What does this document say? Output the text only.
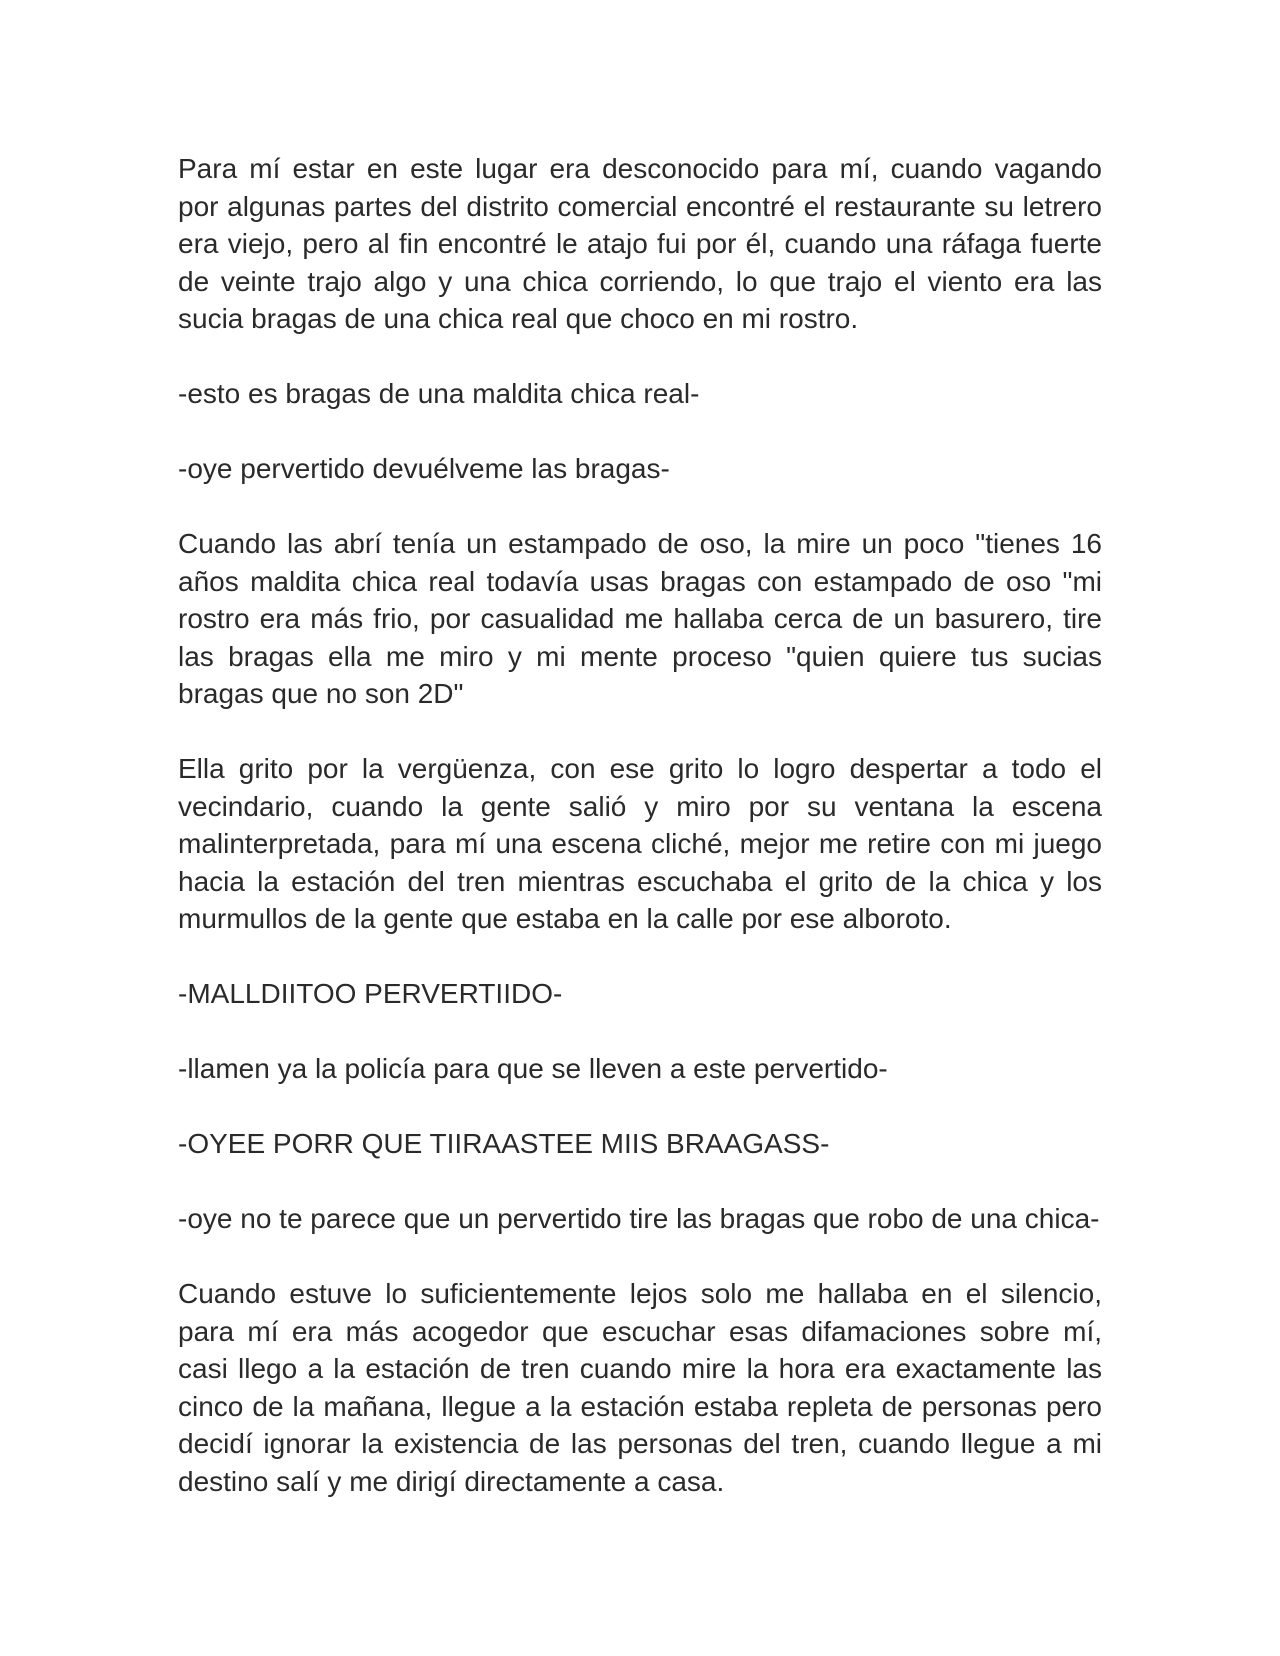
Para mí estar en este lugar era desconocido para mí, cuando vagando por algunas partes del distrito comercial encontré el restaurante su letrero era viejo, pero al fin encontré le atajo fui por él, cuando una ráfaga fuerte de veinte trajo algo y una chica corriendo, lo que trajo el viento era las sucia bragas de una chica real que choco en mi rostro.

-esto es bragas de una maldita chica real-

-oye pervertido devuélveme las bragas-

Cuando las abrí tenía un estampado de oso, la mire un poco "tienes 16 años maldita chica real todavía usas bragas con estampado de oso "mi rostro era más frio, por casualidad me hallaba cerca de un basurero, tire las bragas ella me miro y mi mente proceso "quien quiere tus sucias bragas que no son 2D"

Ella grito por la vergüenza, con ese grito lo logro despertar a todo el vecindario, cuando la gente salió y miro por su ventana la escena malinterpretada, para mí una escena cliché, mejor me retire con mi juego hacia la estación del tren mientras escuchaba el grito de la chica y los murmullos de la gente que estaba en la calle por ese alboroto.

-MALLDIITOO PERVERTIIDO-

-llamen ya la policía para que se lleven a este pervertido-

-OYEE PORR QUE TIIRAASTEE MIIS BRAAGASS-

-oye no te parece que un pervertido tire las bragas que robo de una chica-

Cuando estuve lo suficientemente lejos solo me hallaba en el silencio, para mí era más acogedor que escuchar esas difamaciones sobre mí, casi llego a la estación de tren cuando mire la hora era exactamente las cinco de la mañana, llegue a la estación estaba repleta de personas pero decidí ignorar la existencia de las personas del tren, cuando llegue a mi destino salí y me dirigí directamente a casa.
